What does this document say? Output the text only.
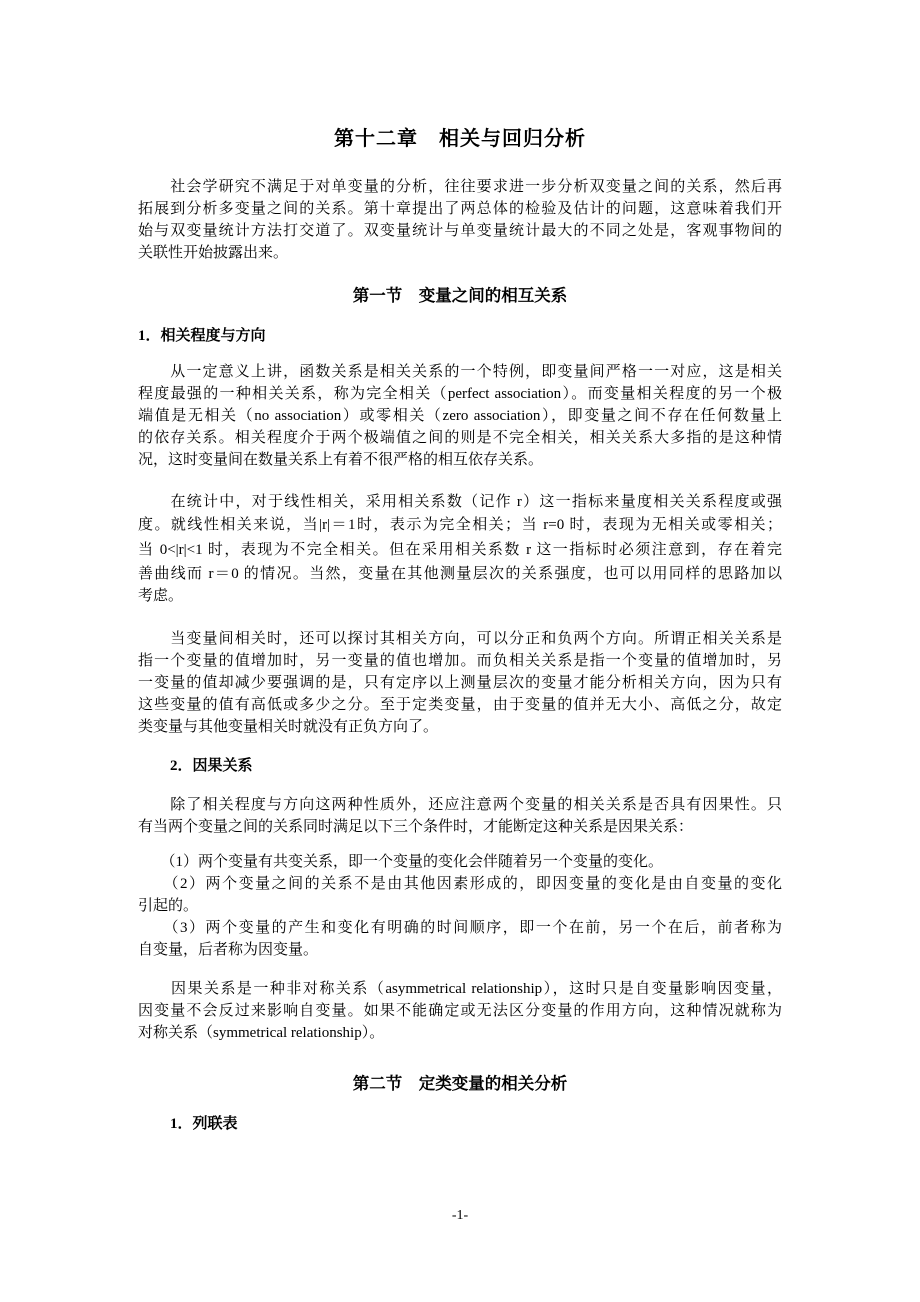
第十二章　相关与回归分析
　　社会学研究不满足于对单变量的分析，往往要求进一步分析双变量之间的关系，然后再
拓展到分析多变量之间的关系。第十章提出了两总体的检验及估计的问题，这意味着我们开
始与双变量统计方法打交道了。双变量统计与单变量统计最大的不同之处是，客观事物间的
关联性开始披露出来。
第一节　变量之间的相互关系
1．相关程度与方向
　　从一定意义上讲，函数关系是相关关系的一个特例，即变量间严格一一对应，这是相关
程度最强的一种相关关系，称为完全相关（perfect association）。而变量相关程度的另一个极
端值是无相关（no association）或零相关（zero association），即变量之间不存在任何数量上
的依存关系。相关程度介于两个极端值之间的则是不完全相关，相关关系大多指的是这种情
况，这时变量间在数量关系上有着不很严格的相互依存关系。
　　在统计中，对于线性相关，采用相关系数（记作 r）这一指标来量度相关关系程度或强
度。就线性相关来说，当|r|＝1时，表示为完全相关；当 r=0 时，表现为无相关或零相关；
当 0<|r|<1 时，表现为不完全相关。但在采用相关系数 r 这一指标时必须注意到，存在着完
善曲线而 r＝0 的情况。当然，变量在其他测量层次的关系强度，也可以用同样的思路加以
考虑。
　　当变量间相关时，还可以探讨其相关方向，可以分正和负两个方向。所谓正相关关系是
指一个变量的值增加时，另一变量的值也增加。而负相关关系是指一个变量的值增加时，另
一变量的值却减少要强调的是，只有定序以上测量层次的变量才能分析相关方向，因为只有
这些变量的值有高低或多少之分。至于定类变量，由于变量的值并无大小、高低之分，故定
类变量与其他变量相关时就没有正负方向了。
2．因果关系
　　除了相关程度与方向这两种性质外，还应注意两个变量的相关关系是否具有因果性。只
有当两个变量之间的关系同时满足以下三个条件时，才能断定这种关系是因果关系：
　　（1）两个变量有共变关系，即一个变量的变化会伴随着另一个变量的变化。
　　（2）两个变量之间的关系不是由其他因素形成的，即因变量的变化是由自变量的变化
引起的。
　　（3）两个变量的产生和变化有明确的时间顺序，即一个在前，另一个在后，前者称为
自变量，后者称为因变量。
　　因果关系是一种非对称关系（asymmetrical relationship），这时只是自变量影响因变量，
因变量不会反过来影响自变量。如果不能确定或无法区分变量的作用方向，这种情况就称为
对称关系（symmetrical relationship）。
第二节　定类变量的相关分析
1．列联表
-1-
